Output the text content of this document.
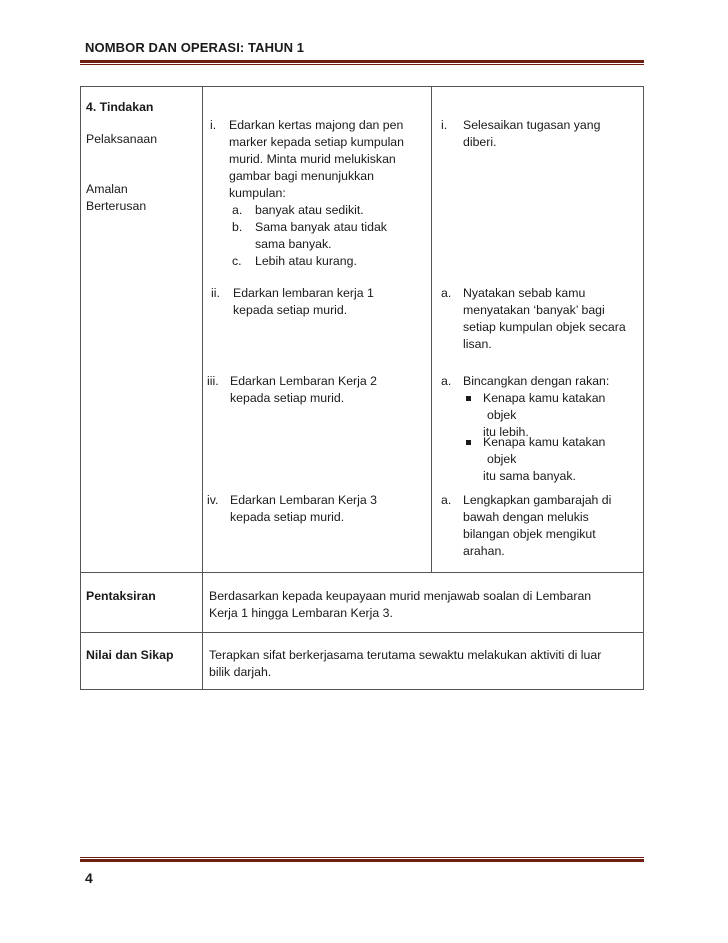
NOMBOR DAN OPERASI: TAHUN 1
4. Tindakan
Pelaksanaan
Amalan
Berterusan
i. Edarkan kertas majong dan pen
marker kepada setiap kumpulan
murid. Minta murid melukiskan
gambar bagi menunjukkan
kumpulan:
a. banyak atau sedikit.
b. Sama banyak atau tidak
sama banyak.
c. Lebih atau kurang.
i. Selesaikan tugasan yang
diberi.
ii. Edarkan lembaran kerja 1
kepada setiap murid.
a. Nyatakan sebab kamu
menyatakan ‘banyak’ bagi
setiap kumpulan objek secara
lisan.
iii. Edarkan Lembaran Kerja 2
kepada setiap murid.
a. Bincangkan dengan rakan:
Kenapa kamu katakan
objek
itu lebih.
Kenapa kamu katakan
objek
itu sama banyak.
iv. Edarkan Lembaran Kerja 3
kepada setiap murid.
a. Lengkapkan gambarajah di
bawah dengan melukis
bilangan objek mengikut
arahan.
Pentaksiran	Berdasarkan kepada keupayaan murid menjawab soalan di Lembaran
Kerja 1 hingga Lembaran Kerja 3.
Nilai dan Sikap	Terapkan sifat berkerjasama terutama sewaktu melakukan aktiviti di luar
bilik darjah.
4
